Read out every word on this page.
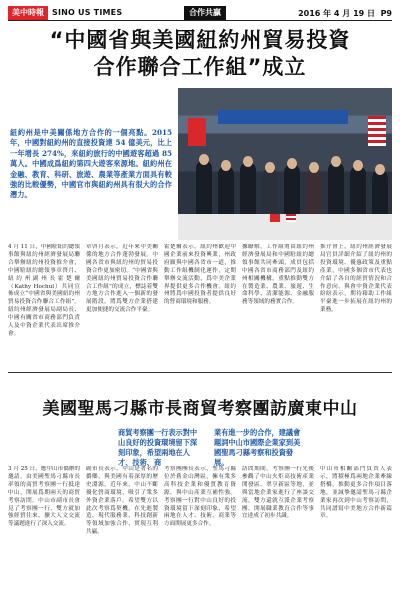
美中時報	SINO US TIMES	合作共贏	2016 年 4 月 19 日 P9
“中國省與美國紐約州貿易投資
合作聯合工作組”成立
紐約州是中美關係地方合作的一個亮點。2015 年，中國對紐約州的直接投資達 54 億美元，比上一年增長 274%，來紐約旅行的中國遊客超過 85 萬人。中國成爲紐約第四大遊客來源地。紐約州在金融、教育、科研、旅遊、農業等產業方面具有較強的比較優勢，中國官市與紐約州具有很大的合作潛力。
4 月 11 日，中國駐紐約總領事館與紐約州經濟發展局聯合舉辦紐約州投資推介會，中國駐紐約總領事章啓月、紐約州副州長霍楚爾（Kathy Hochul）共同宣佈成立“中國省與美國紐約州貿易投資合作聯合工作組”。紐約州經濟發展局副局長、中國有關省市商務部門負責人及中資企業代表出席推介會。
章啓月表示，近年來中美關係的地方合作蓬勃發展。中國各省市與紐約州的貿易投資合作更加密切。“中國省與美國紐約州貿易投資合作聯合工作組”的成立，標誌着雙方地方合作進入一個新的發展階段，將爲雙方企業搭建更加便捷的交流合作平臺。
霍楚爾表示，紐約州歡迎中國企業前來投資興業，州政府願與中國各省市一道，推動工作組機制化運作，定期舉辦交流活動，爲中美企業界提供更多合作機會。紐約州將爲中國投資者提供良好的營商環境和服務。
據瞭解，工作組將由紐約州經濟發展局和中國駐紐約總領事館共同牽頭，成員包括中國各省市商務部門及紐約州相關機構，重點推動雙方在製造業、農業、旅遊、生命科學、清潔能源、金融服務等領域的務實合作。
推介會上，紐約州經濟發展局官員詳細介紹了紐約州的投資環境、優惠政策及重點產業，中國多個省市代表也介紹了各自的經貿情況和合作意向。與會中資企業代表紛紛表示，期待藉助工作組平臺進一步拓展在紐約州的業務。
美國聖馬刁縣市長商貿考察團訪廣東中山
商貿考察團一行表示對中山良好的投資環境留下深刻印象，希望兩地在人才、技術、商
業有進一步的合作，建議會題詞中山市國際企業家到美國聖馬刁縣考察和投資發展。
3 月 25 日，應中山市僑辦的邀請，由美國聖馬刁縣市長率領的商貿考察團一行抵達中山，開展爲期兩天的商貿考察訪問。中山市副市長會見了考察團一行，雙方就加強經貿往來、擴大人文交流等議題進行了深入交流。
副市長表示，中山是著名的僑鄉，與美國有着深厚的歷史淵源。近年來，中山不斷優化營商環境，吸引了衆多外資企業落戶。希望雙方以此次考察爲契機，在先進製造、現代服務業、科技創新等領域加強合作，實現互利共贏。
考察團團長表示，聖馬刁縣位於舊金山灣區，擁有衆多高科技企業和優質教育資源，與中山產業互補性強。考察團一行對中山良好的投資環境留下深刻印象，希望兩地在人才、技術、商業等方面開展更多合作。
訪問期間，考察團一行先後參觀了中山火炬高技術產業開發區、翠亨新區等地，並與當地企業家進行了座談交流。雙方還就互派企業考察團、開展職業教育合作等事宜達成了初步共識。
中山市相關部門負責人表示，將積極爲兩地企業牽線搭橋，推動更多合作項目落地，並誠摯邀請聖馬刁縣企業家再次到中山考察訪問，共同譜寫中美地方合作新篇章。
